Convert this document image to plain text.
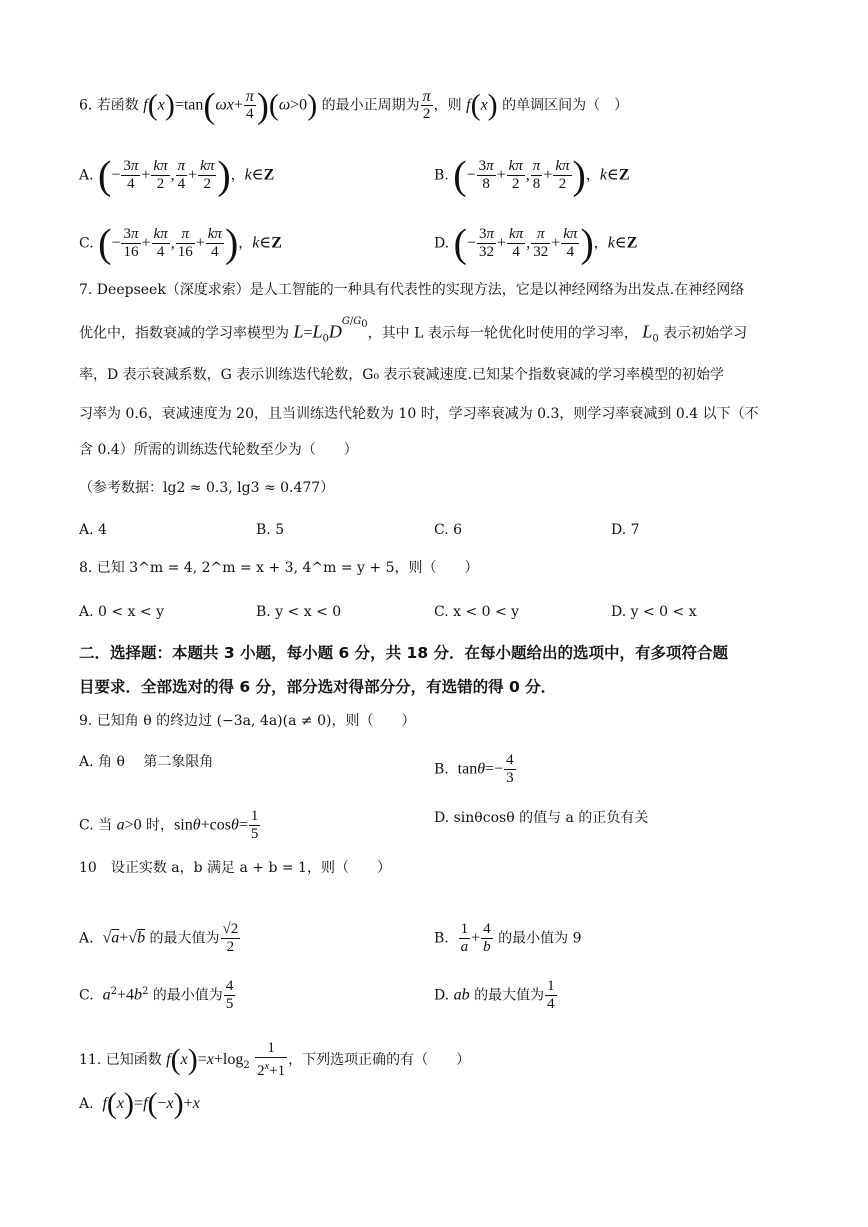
6. 若函数 $f(x)=\tan(\omega x+ \frac{\pi}{4} )(\omega>0)$ 的最小正周期为 $\frac{\pi}{2}$ ，则 f(x) 的单调区间为（　）
A. (− $\frac{3\pi}{4} + \frac{k\pi}{2}$ , $\frac{\pi}{4} + \frac{k\pi}{2}$ )，k∈Z	B. (− $\frac{3\pi}{8} + \frac{k\pi}{2}$ , $\frac{\pi}{8} + \frac{k\pi}{2}$ )，k∈Z
C. (− $\frac{3\pi}{16} + \frac{k\pi}{4}$ , $\frac{\pi}{16} + \frac{k\pi}{4}$ )，k∈Z	D. (− $\frac{3\pi}{32} + \frac{k\pi}{4}$ , $\frac{\pi}{32} + \frac{k\pi}{4}$ )，k∈Z
7. Deepseek（深度求索）是人工智能的一种具有代表性的实现方法，它是以神经网络为出发点.在神经网络
优化中，指数衰减的学习率模型为 $L=L_0D^{G/G_0}$，其中 L 表示每一轮优化时使用的学习率， $L_0$ 表示初始学习
率，D 表示衰减系数，G 表示训练迭代轮数，G₀ 表示衰减速度.已知某个指数衰减的学习率模型的初始学
习率为 0.6，衰减速度为 20，且当训练迭代轮数为 10 时，学习率衰减为 0.3，则学习率衰减到 0.4 以下（不
含 0.4）所需的训练迭代轮数至少为（　　）
（参考数据：lg2 ≈ 0.3, lg3 ≈ 0.477）
A. 4	B. 5	C. 6	D. 7
8. 已知 3^m = 4, 2^m = x + 3, 4^m = y + 5，则（　　）
A. 0 < x < y	B. y < x < 0	C. x < 0 < y	D. y < 0 < x
二．选择题：本题共 3 小题，每小题 6 分，共 18 分．在每小题给出的选项中，有多项符合题
目要求．全部选对的得 6 分，部分选对得部分分，有选错的得 0 分．
9. 已知角 θ 的终边过 (−3a, 4a)(a ≠ 0)，则（　　）
A. 角 θ　 第二象限角	B.  $\tan\theta=- \frac{4}{3}$
C. 当 a>0 时，$\sin\theta+\cos\theta= \frac{1}{5}$	D. sinθcosθ 的值与 a 的正负有关
10　设正实数 a，b 满足 a + b = 1，则（　　）
A.  √a+√b 的最大值为 $\frac{√2}{2}$	B. $\frac{1}{a} + \frac{4}{b}$ 的最小值为 9
C.  $a^2+4b^2$ 的最小值为 $\frac{4}{5}$	D. ab 的最大值为 $\frac{1}{4}$
11. 已知函数 $f(x)=x+\log_2 \frac{1}{2^x+1}$ ，下列选项正确的有（　　）
A.  f(x)=f(−x)+x
